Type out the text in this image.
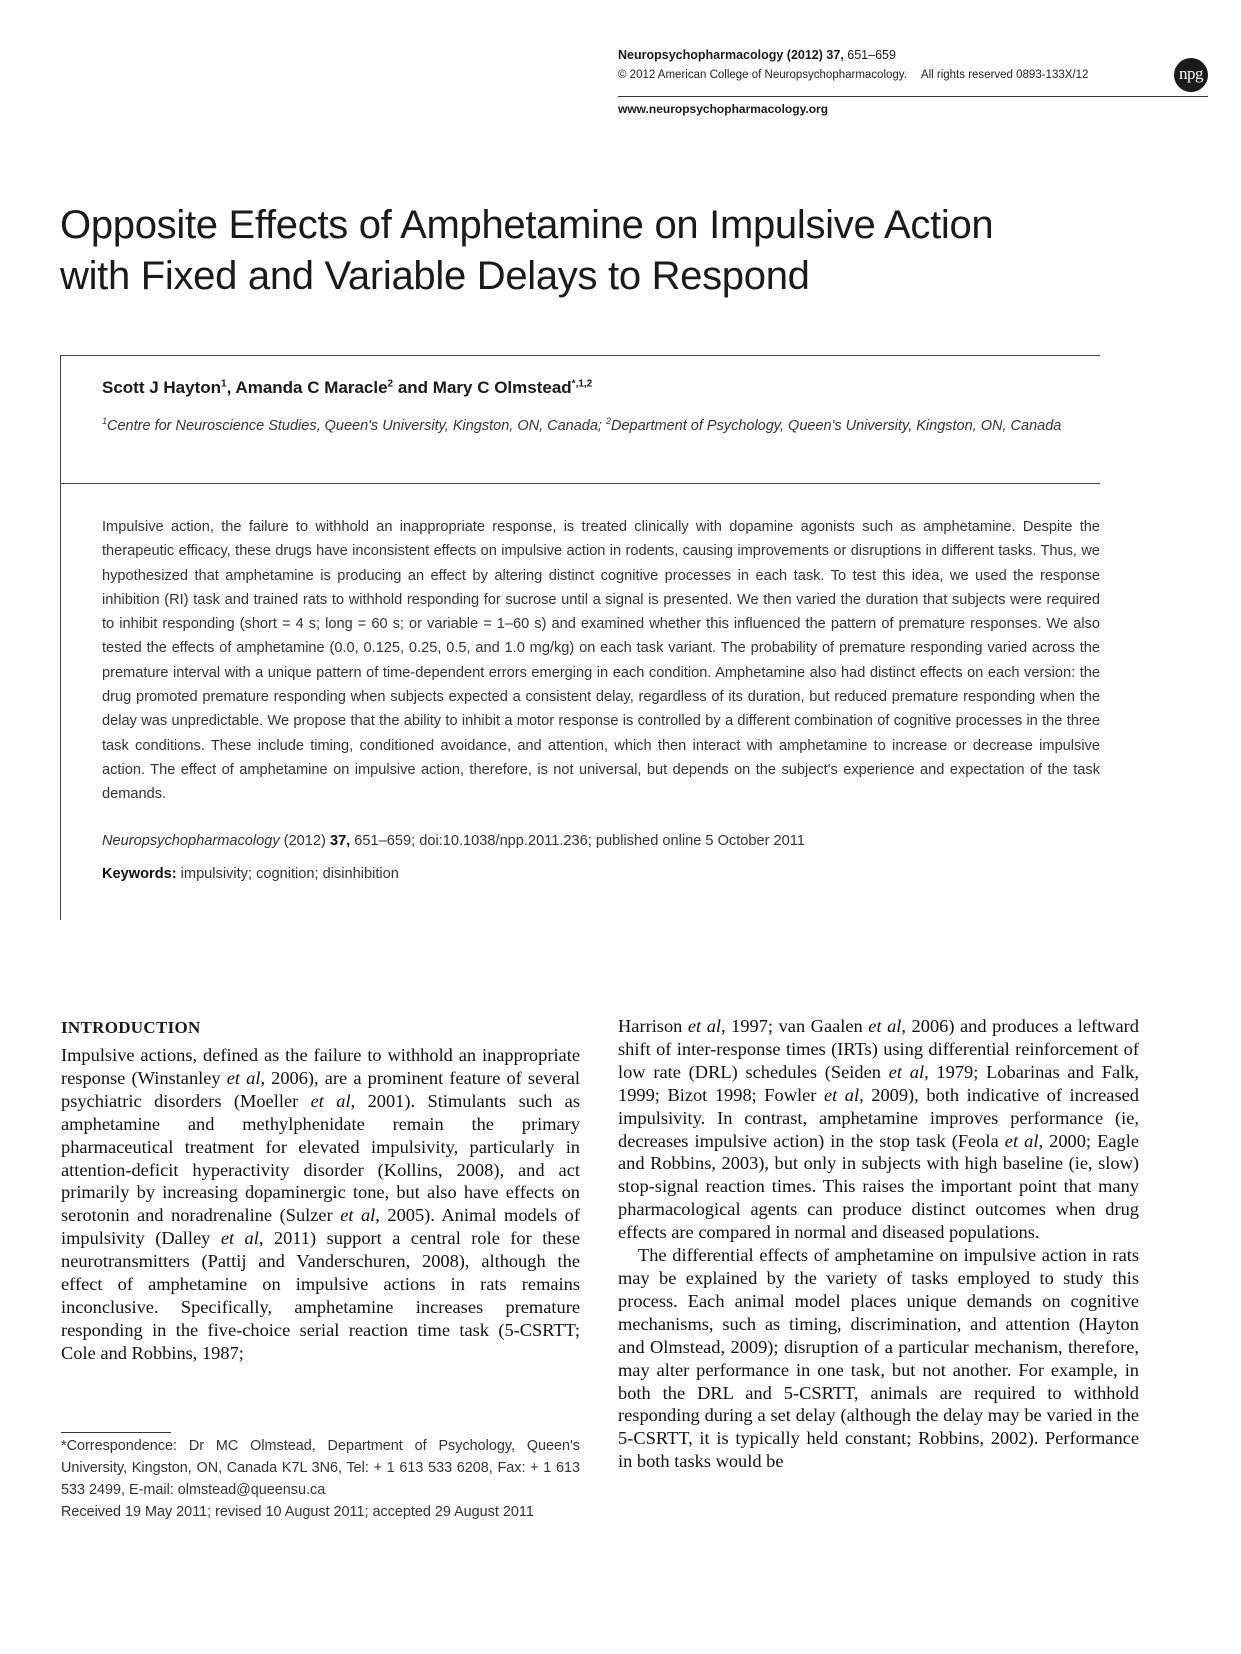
Neuropsychopharmacology (2012) 37, 651–659
© 2012 American College of Neuropsychopharmacology. All rights reserved 0893-133X/12	npg
www.neuropsychopharmacology.org
Opposite Effects of Amphetamine on Impulsive Action
with Fixed and Variable Delays to Respond
Scott J Hayton$^1$, Amanda C Maracle$^2$ and Mary C Olmstead$^{*,1,2}$
$^1$Centre for Neuroscience Studies, Queen's University, Kingston, ON, Canada; $^2$Department of Psychology, Queen's University, Kingston, ON, Canada
Impulsive action, the failure to withhold an inappropriate response, is treated clinically with dopamine agonists such as amphetamine. Despite the therapeutic efficacy, these drugs have inconsistent effects on impulsive action in rodents, causing improvements or disruptions in different tasks. Thus, we hypothesized that amphetamine is producing an effect by altering distinct cognitive processes in each task. To test this idea, we used the response inhibition (RI) task and trained rats to withhold responding for sucrose until a signal is presented. We then varied the duration that subjects were required to inhibit responding (short = 4 s; long = 60 s; or variable = 1–60 s) and examined whether this influenced the pattern of premature responses. We also tested the effects of amphetamine (0.0, 0.125, 0.25, 0.5, and 1.0 mg/kg) on each task variant. The probability of premature responding varied across the premature interval with a unique pattern of time-dependent errors emerging in each condition. Amphetamine also had distinct effects on each version: the drug promoted premature responding when subjects expected a consistent delay, regardless of its duration, but reduced premature responding when the delay was unpredictable. We propose that the ability to inhibit a motor response is controlled by a different combination of cognitive processes in the three task conditions. These include timing, conditioned avoidance, and attention, which then interact with amphetamine to increase or decrease impulsive action. The effect of amphetamine on impulsive action, therefore, is not universal, but depends on the subject's experience and expectation of the task demands.
Neuropsychopharmacology (2012) 37, 651–659; doi:10.1038/npp.2011.236; published online 5 October 2011
Keywords: impulsivity; cognition; disinhibition
INTRODUCTION
Impulsive actions, defined as the failure to withhold an inappropriate response (Winstanley et al, 2006), are a prominent feature of several psychiatric disorders (Moeller et al, 2001). Stimulants such as amphetamine and methylphenidate remain the primary pharmaceutical treatment for elevated impulsivity, particularly in attention-deficit hyperactivity disorder (Kollins, 2008), and act primarily by increasing dopaminergic tone, but also have effects on serotonin and noradrenaline (Sulzer et al, 2005). Animal models of impulsivity (Dalley et al, 2011) support a central role for these neurotransmitters (Pattij and Vanderschuren, 2008), although the effect of amphetamine on impulsive actions in rats remains inconclusive. Specifically, amphetamine increases premature responding in the five-choice serial reaction time task (5-CSRTT; Cole and Robbins, 1987;

Harrison et al, 1997; van Gaalen et al, 2006) and produces a leftward shift of inter-response times (IRTs) using differential reinforcement of low rate (DRL) schedules (Seiden et al, 1979; Lobarinas and Falk, 1999; Bizot 1998; Fowler et al, 2009), both indicative of increased impulsivity. In contrast, amphetamine improves performance (ie, decreases impulsive action) in the stop task (Feola et al, 2000; Eagle and Robbins, 2003), but only in subjects with high baseline (ie, slow) stop-signal reaction times. This raises the important point that many pharmacological agents can produce distinct outcomes when drug effects are compared in normal and diseased populations.

The differential effects of amphetamine on impulsive action in rats may be explained by the variety of tasks employed to study this process. Each animal model places unique demands on cognitive mechanisms, such as timing, discrimination, and attention (Hayton and Olmstead, 2009); disruption of a particular mechanism, therefore, may alter performance in one task, but not another. For example, in both the DRL and 5-CSRTT, animals are required to withhold responding during a set delay (although the delay may be varied in the 5-CSRTT, it is typically held constant; Robbins, 2002). Performance in both tasks would be

*Correspondence: Dr MC Olmstead, Department of Psychology, Queen's University, Kingston, ON, Canada K7L 3N6, Tel: + 1 613 533 6208, Fax: + 1 613 533 2499, E-mail: olmstead@queensu.ca

Received 19 May 2011; revised 10 August 2011; accepted 29 August 2011
